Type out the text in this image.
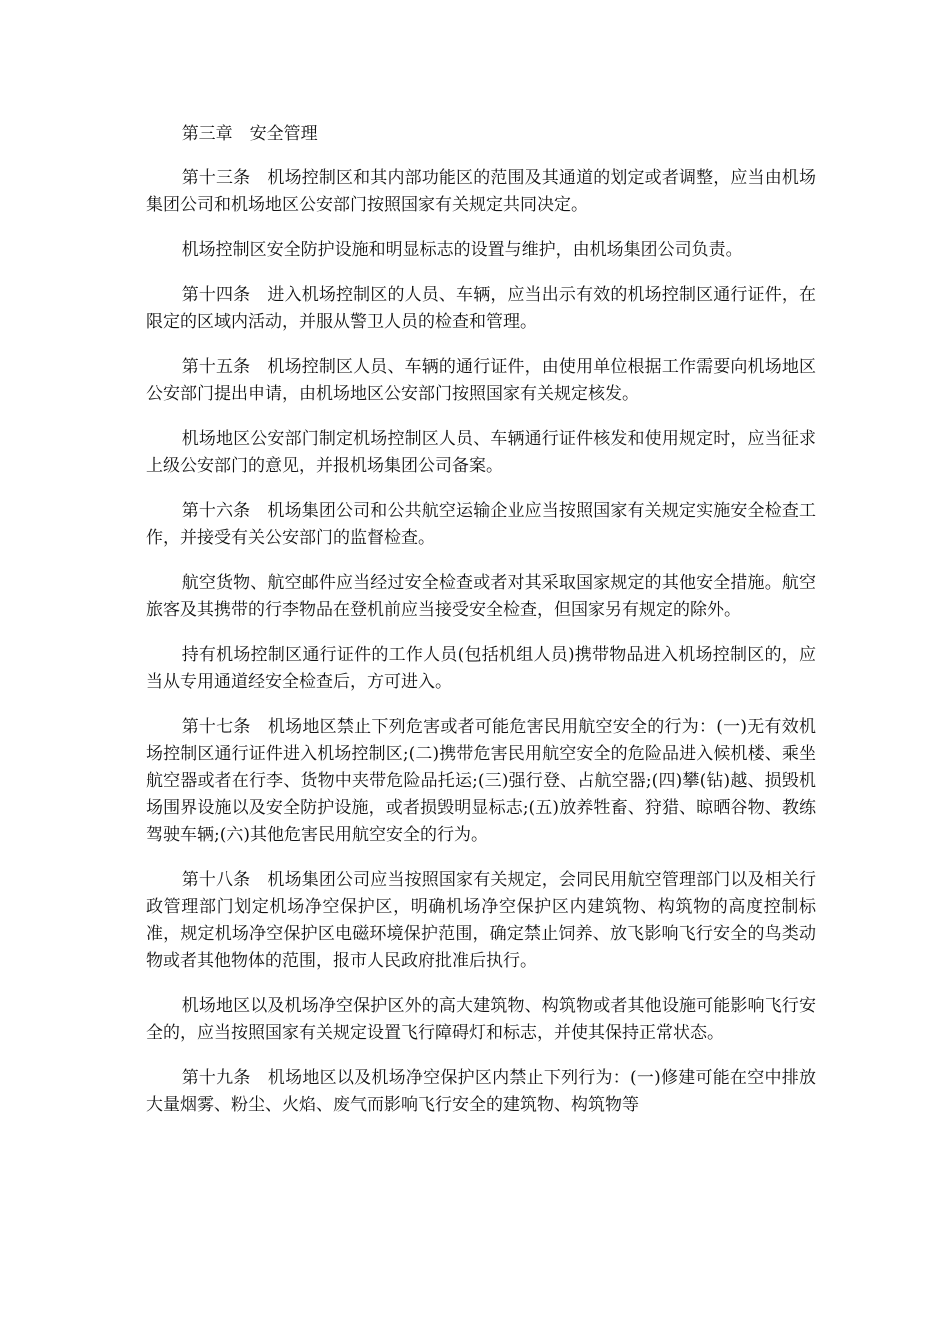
第三章　安全管理

第十三条　机场控制区和其内部功能区的范围及其通道的划定或者调整，应当由机场集团公司和机场地区公安部门按照国家有关规定共同决定。

机场控制区安全防护设施和明显标志的设置与维护，由机场集团公司负责。

第十四条　进入机场控制区的人员、车辆，应当出示有效的机场控制区通行证件，在限定的区域内活动，并服从警卫人员的检查和管理。

第十五条　机场控制区人员、车辆的通行证件，由使用单位根据工作需要向机场地区公安部门提出申请，由机场地区公安部门按照国家有关规定核发。

机场地区公安部门制定机场控制区人员、车辆通行证件核发和使用规定时，应当征求上级公安部门的意见，并报机场集团公司备案。

第十六条　机场集团公司和公共航空运输企业应当按照国家有关规定实施安全检查工作，并接受有关公安部门的监督检查。

航空货物、航空邮件应当经过安全检查或者对其采取国家规定的其他安全措施。航空旅客及其携带的行李物品在登机前应当接受安全检查，但国家另有规定的除外。

持有机场控制区通行证件的工作人员(包括机组人员)携带物品进入机场控制区的，应当从专用通道经安全检查后，方可进入。

第十七条　机场地区禁止下列危害或者可能危害民用航空安全的行为：(一)无有效机场控制区通行证件进入机场控制区;(二)携带危害民用航空安全的危险品进入候机楼、乘坐航空器或者在行李、货物中夹带危险品托运;(三)强行登、占航空器;(四)攀(钻)越、损毁机场围界设施以及安全防护设施，或者损毁明显标志;(五)放养牲畜、狩猎、晾晒谷物、教练驾驶车辆;(六)其他危害民用航空安全的行为。

第十八条　机场集团公司应当按照国家有关规定，会同民用航空管理部门以及相关行政管理部门划定机场净空保护区，明确机场净空保护区内建筑物、构筑物的高度控制标准，规定机场净空保护区电磁环境保护范围，确定禁止饲养、放飞影响飞行安全的鸟类动物或者其他物体的范围，报市人民政府批准后执行。

机场地区以及机场净空保护区外的高大建筑物、构筑物或者其他设施可能影响飞行安全的，应当按照国家有关规定设置飞行障碍灯和标志，并使其保持正常状态。

第十九条　机场地区以及机场净空保护区内禁止下列行为：(一)修建可能在空中排放大量烟雾、粉尘、火焰、废气而影响飞行安全的建筑物、构筑物等
